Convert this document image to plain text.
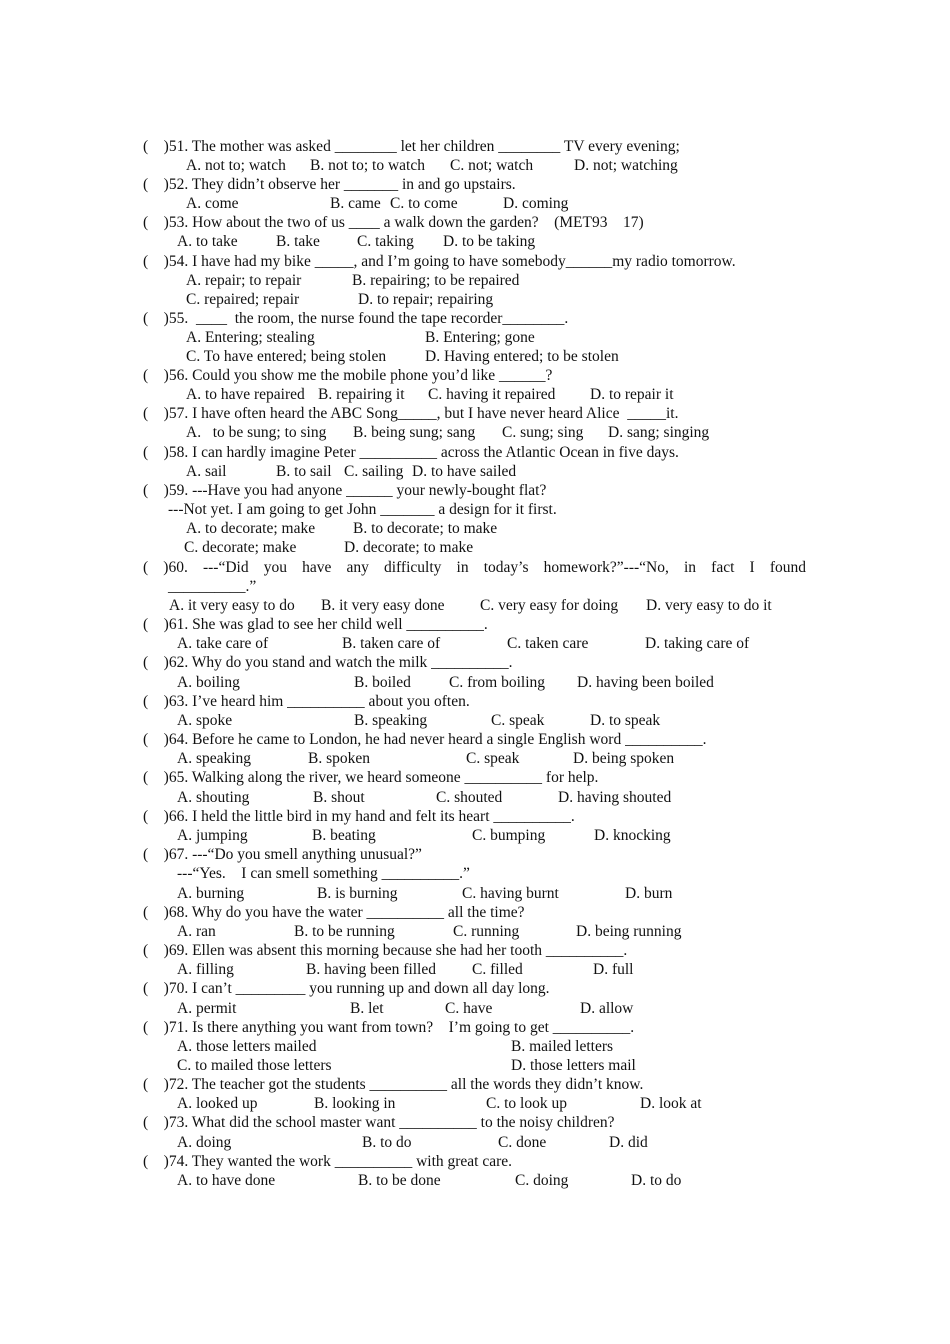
(    )51. The mother was asked ________ let her children ________ TV every evening;
A. not to; watch B. not to; to watch C. not; watch	D. not; watching
(    )52. They didn’t observe her _______ in and go upstairs.
A. come	B. came C. to come	D. coming
(    )53. How about the two of us ____ a walk down the garden?    (MET93    17)
A. to take B. take C. taking D. to be taking
(    )54. I have had my bike _____, and I’m going to have somebody______my radio tomorrow.
A. repair; to repair	B. repairing; to be repaired
C. repaired; repair	D. to repair; repairing
(    )55.  ____  the room, the nurse found the tape recorder________.
A. Entering; stealing	B. Entering; gone
C. To have entered; being stolen	D. Having entered; to be stolen
(    )56. Could you show me the mobile phone you’d like ______?
A. to have repaired B. repairing it C. having it repaired D. to repair it
(    )57. I have often heard the ABC Song_____, but I have never heard Alice  _____it.
A.   to be sung; to sing B. being sung; sang C. sung; sing D. sang; singing
(    )58. I can hardly imagine Peter __________ across the Atlantic Ocean in five days.
A. sail	B. to sail C. sailing D. to have sailed
(    )59. ---Have you had anyone ______ your newly-bought flat?
---Not yet. I am going to get John _______ a design for it first.
A. to decorate; make B. to decorate; to make
C. decorate; make	D. decorate; to make
( )60. ---“Did you have any difficulty in today’s homework?”---“No, in fact I found
__________.”
A. it very easy to do B. it very easy done C. very easy for doing D. very easy to do it
(    )61. She was glad to see her child well __________.
A. take care of	B. taken care of	C. taken care	D. taking care of
(    )62. Why do you stand and watch the milk __________.
A. boiling	B. boiled C. from boiling D. having been boiled
(    )63. I’ve heard him __________ about you often.
A. spoke	B. speaking	C. speak	D. to speak
(    )64. Before he came to London, he had never heard a single English word __________.
A. speaking	B. spoken	C. speak	D. being spoken
(    )65. Walking along the river, we heard someone __________ for help.
A. shouting	B. shout	C. shouted	D. having shouted
(    )66. I held the little bird in my hand and felt its heart __________.
A. jumping	B. beating	C. bumping	D. knocking
(    )67. ---“Do you smell anything unusual?”
---“Yes.    I can smell something __________.”
A. burning	B. is burning	C. having burnt	D. burn
(    )68. Why do you have the water __________ all the time?
A. ran	B. to be running	C. running	D. being running
(    )69. Ellen was absent this morning because she had her tooth __________.
A. filling	B. having been filled C. filled	D. full
(    )70. I can’t _________ you running up and down all day long.
A. permit	B. let	C. have	D. allow
(    )71. Is there anything you want from town?    I’m going to get __________.
A. those letters mailed	B. mailed letters
C. to mailed those letters	D. those letters mail
(    )72. The teacher got the students __________ all the words they didn’t know.
A. looked up	B. looking in	C. to look up	D. look at
(    )73. What did the school master want __________ to the noisy children?
A. doing	B. to do	C. done	D. did
(    )74. They wanted the work __________ with great care.
A. to have done	B. to be done	C. doing	D. to do
